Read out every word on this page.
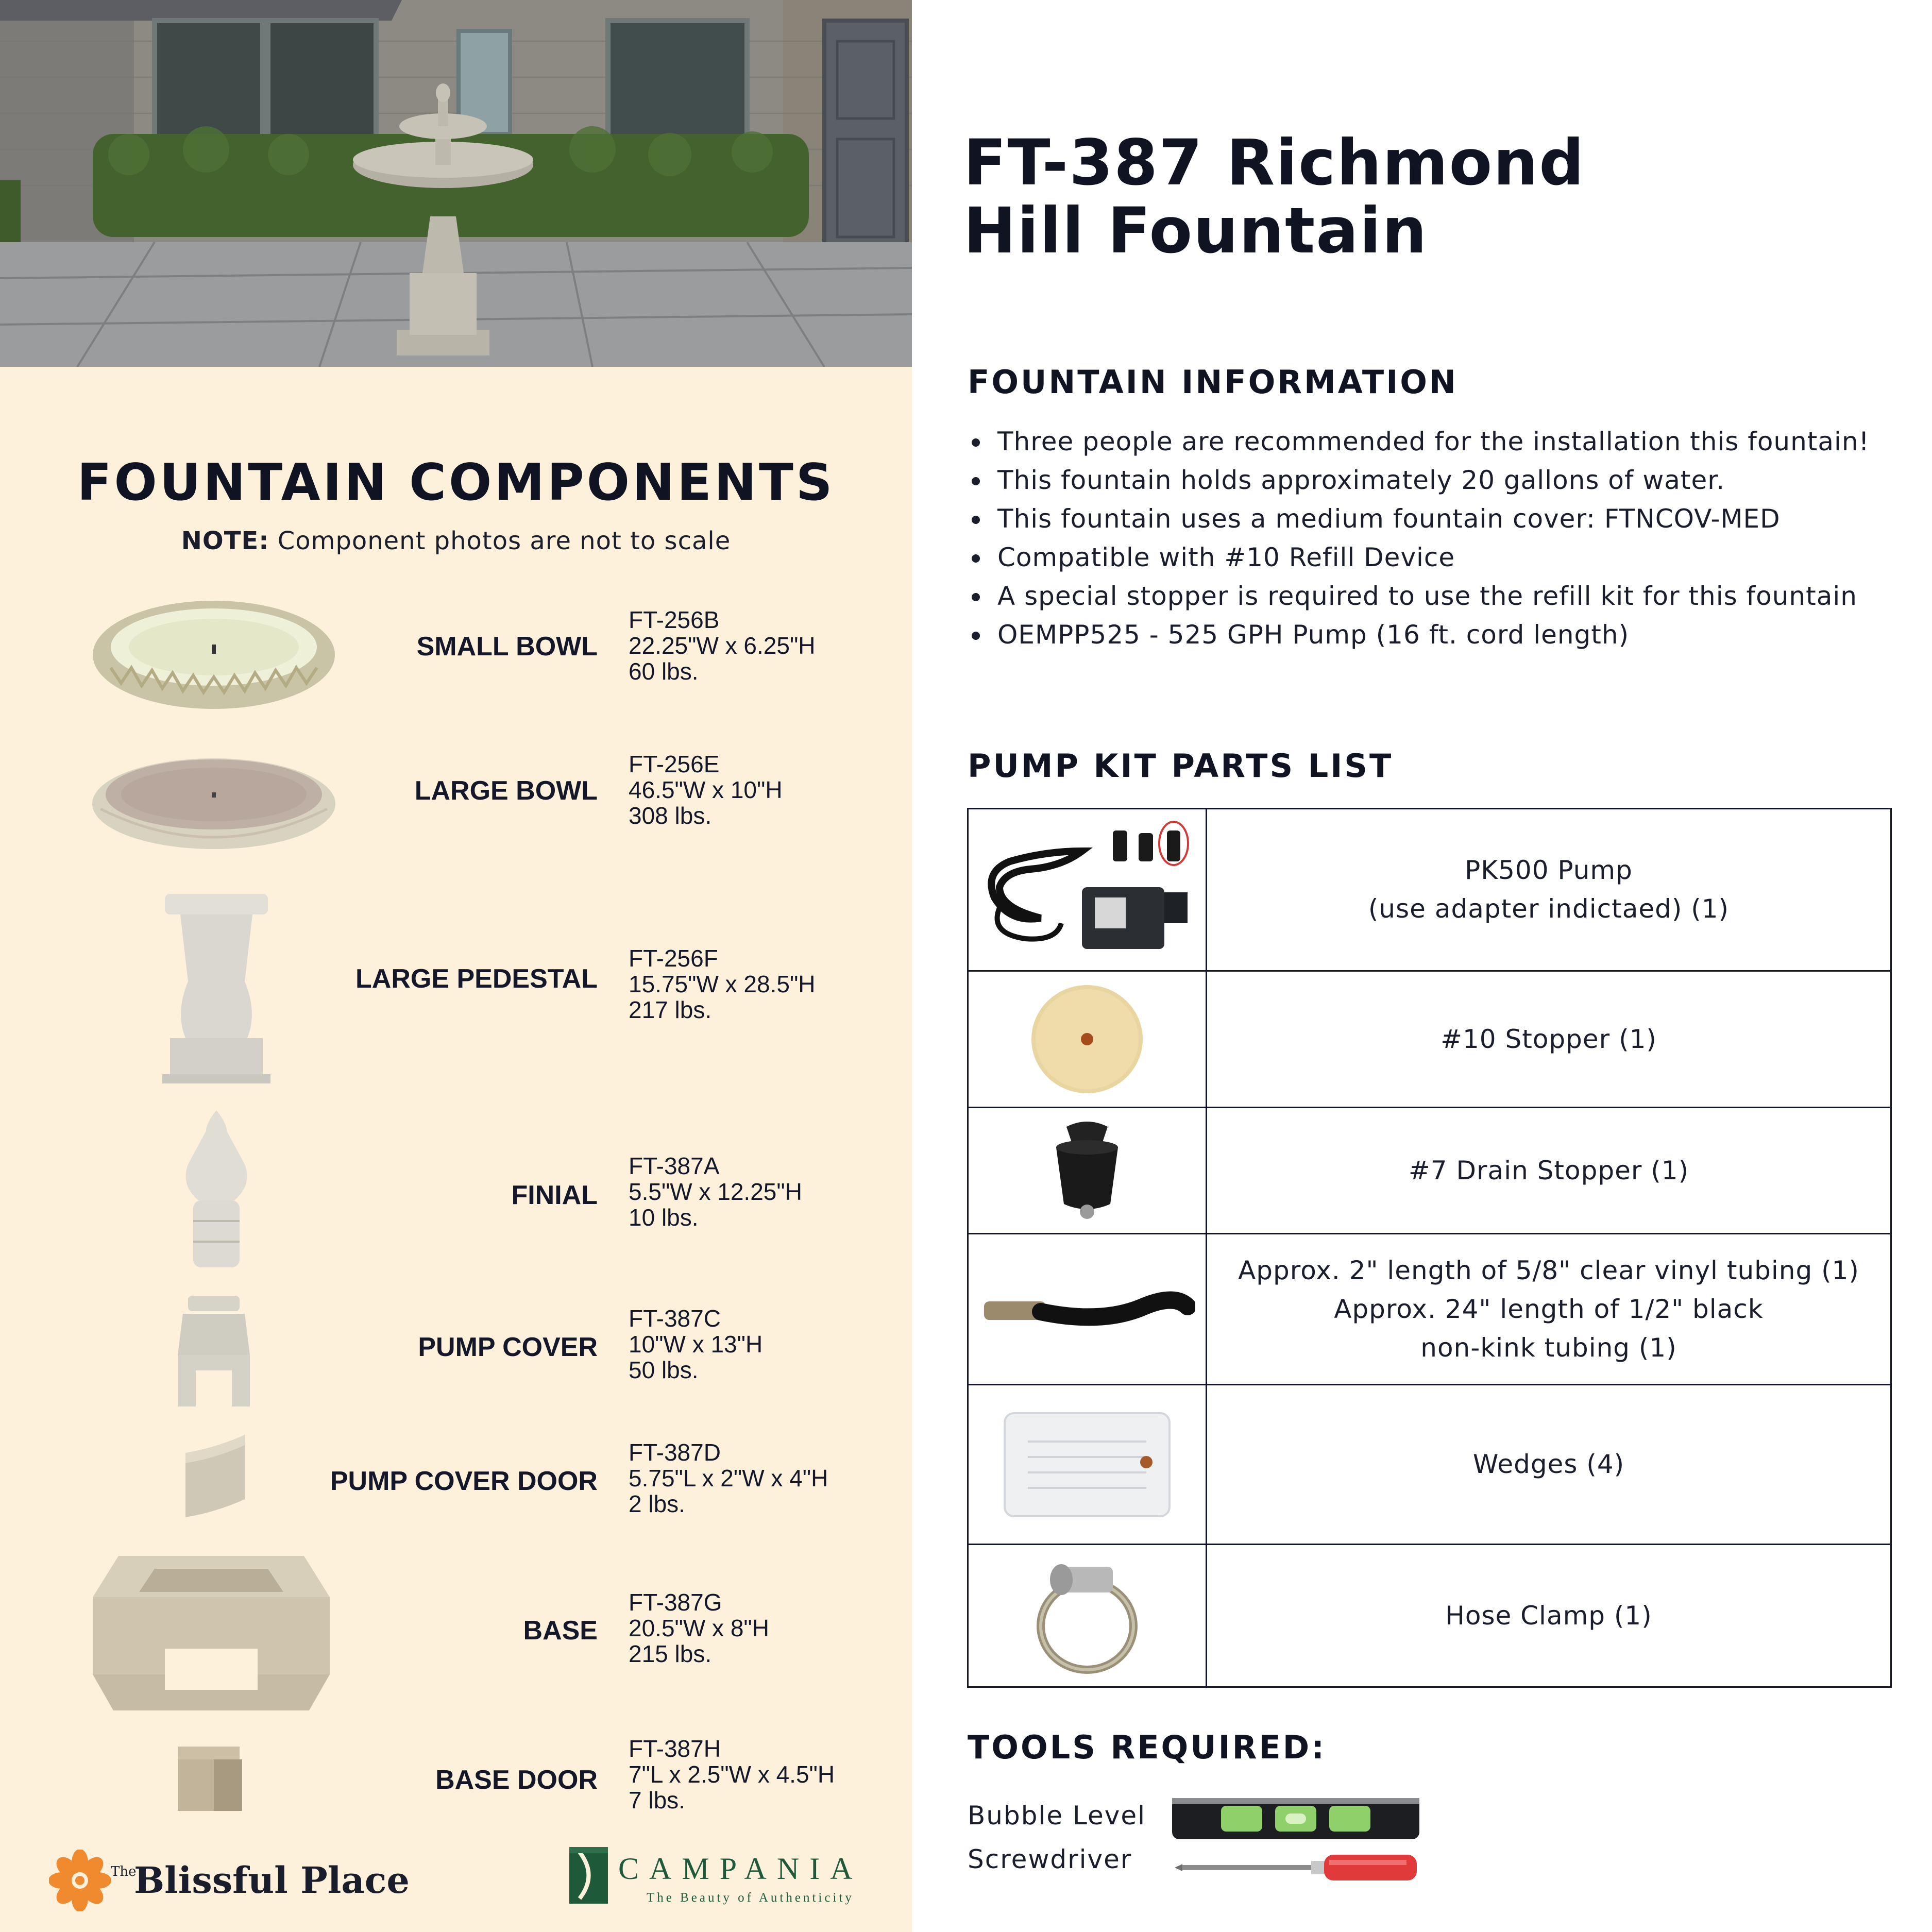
FOUNTAIN COMPONENTS
NOTE: Component photos are not to scale
SMALL BOWL
FT-256B
22.25"W x 6.25"H
60 lbs.
LARGE BOWL
FT-256E
46.5"W x 10"H
308 lbs.
LARGE PEDESTAL
FT-256F
15.75"W x 28.5"H
217 lbs.
FINIAL
FT-387A
5.5"W x 12.25"H
10 lbs.
PUMP COVER
FT-387C
10"W x 13"H
50 lbs.
PUMP COVER DOOR
FT-387D
5.75"L x 2"W x 4"H
2 lbs.
BASE
FT-387G
20.5"W x 8"H
215 lbs.
BASE DOOR
FT-387H
7"L x 2.5"W x 4.5"H
7 lbs.
The
Blissful Place	CAMPANIA
The Beauty of Authenticity
FT-387 Richmond Hill Fountain
FOUNTAIN INFORMATION
Three people are recommended for the installation this fountain!
This fountain holds approximately 20 gallons of water.
This fountain uses a medium fountain cover: FTNCOV-MED
Compatible with #10 Refill Device
A special stopper is required to use the refill kit for this fountain
OEMPP525 - 525 GPH Pump (16 ft. cord length)
PUMP KIT PARTS LIST

PK500 Pump
(use adapter indictaed) (1)

#10 Stopper (1)

#7 Drain Stopper (1)

Approx. 2" length of 5/8" clear vinyl tubing (1)
Approx. 24" length of 1/2" black
non-kink tubing (1)

Wedges (4)

Hose Clamp (1)
TOOLS REQUIRED:
Bubble Level
Screwdriver
